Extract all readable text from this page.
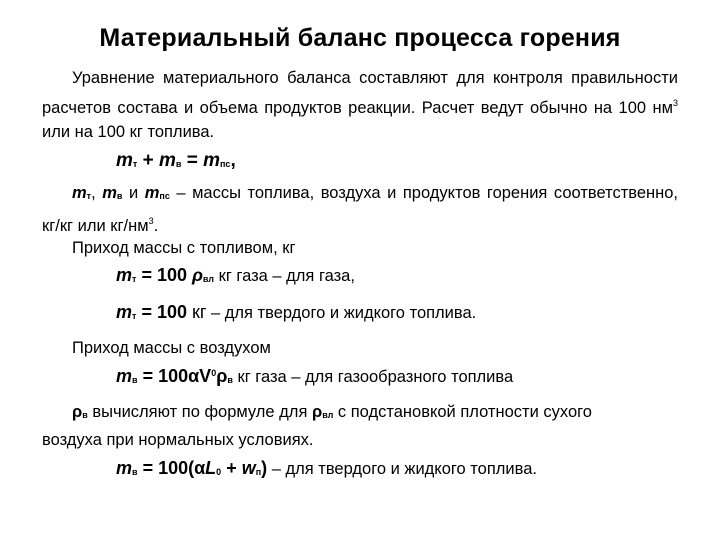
Материальный баланс процесса горения
Уравнение материального баланса составляют для контроля правильности расчетов состава и объема продуктов реакции. Расчет ведут обычно на 100 $нм^3$ или на 100 кг топлива.
mт + mв = mпс,
mт, mв и mпс – массы топлива, воздуха и продуктов горения соответственно, кг/кг или $кг/нм^3$.
Приход массы с топливом, кг
mт = 100 ρвл кг газа – для газа,
mт = 100 кг – для твердого и жидкого топлива.
Приход массы с воздухом
mв = $100\alpha V^0\rho в$ кг газа – для газообразного топлива
ρв вычисляют по формуле для ρвл с подстановкой плотности сухого воздуха при нормальных условиях.
mв = 100(αL0 + wп) – для твердого и жидкого топлива.
